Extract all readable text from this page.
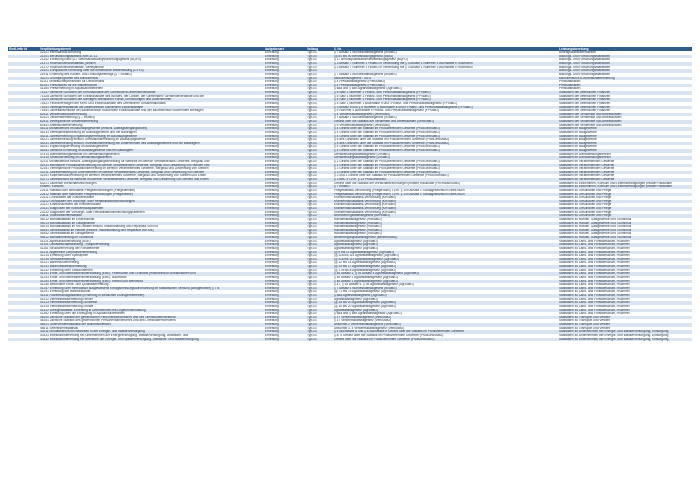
EinfLinNr id	Verpflichtungsbereit	Aufgabenart	Vollzug	§. Nr.	Leistungsbereitung
	32301 International Beratung	Erhebung	Typ1/3	§ 7 Absatz 1 Bundesstatistikgesetz (BStatG)	Auftragsstatistikenfaktiken
	21201 Berufsbildungsstatistik zum 31.12.	Erhebung	Typ1/3	§§ 84 bis 90 Berufsbildungsgesetz (BBiG)	Bildungs- und Forschungsstatistiken
	21202 Erhebung nach §17 Berufsausbildungsförderungsgesetz (BQFG)	Erhebung	Typ1/3	§ 17 Berufsqualifikationsfeststellungsgesetz (BQFG)	Bildungs- und Forschungsstatistiken
	21371 Hochschulfinanzstatistik, jährlich	Erhebung	Typ1/3	§ 3 Absatz 7 Nummer 1 HStatG in Verbindung mit § 3 Absatz 1 Nummer 2 Buchstabe c Hochschul	Bildungs- und Forschungsstatistiken
	21372 Hochschulfinanzstatistik, vierteljährlich	Erhebung	Typ1/3	§ 3 Absatz 7 Nummer 1 HStatG in Verbindung mit § 3 Absatz 1 Nummer 2 Buchstabe c Hochschul	Bildungs- und Forschungsstatistiken
	21521 Europäische Erhebung über die betriebliche Weiterbildung (CVTS)	Erhebung	Typ1/3		Bildungs- und Forschungsstatistiken
	21911 Erhebung des Kosten- und Leistungsbeitrags (§ 7 BStatG)	Erhebung	Typ1/3	§ 7 Absatz 1 Bundesstatistikgesetz (BStatG)	Bildungs- und Forschungsstatistiken
	32221 Grundprogramm des Mikrozensus	Erhebung	Typ1/3	Mikrozensusgesetz - MZG	Mikrozensus/EU-Arbeitskräfteerhebung
	61111 Verbraucherpreisindex für Deutschland	Erhebung	Typ1/3	§ 4 Preisstatistikgesetz (PreisStatG)	Preisstatistiken
	61261 Preisindizes für die Bauwirtschaft	Erhebung	Typ1/3	§ 4 Preisstatistikgesetz (PreisStatG)	Preisstatistiken
	41360 Preiserhebung in Aquakulturbetrieben	Erhebung	Typ1/3	§ 68a und § 68b Agrarstatistikgesetz (AgrStatG)	Preisstatistiken
	71327 Jährliche Schulden der Kernhaushalte der Gemeinden/Gemeindeverbände	Erhebung	Typ1/3	§ 5 Satz 1 Nummer 1 Finanz- und Personalstatistikgesetz (FPStatG)	Statistiken der öffentlichen Finanzen
	71328 Jährliche Schulden der Extrahaushalte des Bundes, der Länder, der Gemeinden/ Gemeindeverbände und der	Erhebung	Typ1/3	§ 5 Satz 1 Nummer 1 Finanz- und Personalstatistikgesetz (FPStatG)	Statistiken der öffentlichen Finanzen
	71329 Jährliche Schulden der sonstigen öffentlichen Fonds, Einrichtungen und Unternehmen	Erhebung	Typ1/3	§ 5 Satz 1 Nummer 1 Finanz- und Personalstatistikgesetz (FPStatG)	Statistiken der öffentlichen Finanzen
	71621 Finanzvermögen der Kern- und Extrahaushalte des Öffentlichen Gesamthaushalts	Erhebung	Typ1/3	§ 5 Satz 1 Nummer 1 Buchstabe h und i Finanz- und Personalstatistikgesetz (FPStatG)	Statistiken der öffentlichen Finanzen
	71631 Vierteljahresstatistik der kaufmännisch buchenden Extrahaushalte	Erhebung	Typ1/3	§ 3 Absatz 8 und § 5 Nummer 4 Buchstabe a und b Finanz- und Personalstatistikgesetz (FPStatG)	Statistiken der öffentlichen Finanzen
	71651 Jahresabschlüsse der kaufmännisch buchenden Extrahaushalte und der kaufmännisch buchenden sonstigen	Erhebung	Typ1/3	§ 5 Nummer 4 Buchstabe c Finanz- und Personalstatistikgesetz (FPStatG)	Statistiken der öffentlichen Finanzen
	62311 Verdienststrukturerhebung	Erhebung	Typ1/3	§ 4 Verdienststatistikgesetz (VerdStatG)	Statistiken der Verdienste und Arbeitskosten
	62321 Verdiensterhebung (§ 7 BStatG)	Erhebung	Typ1/3	§ 7 Absatz 1 Bundesstatistikgesetz (BStatG)	Statistiken der Verdienste und Arbeitskosten
	62411 Vierteljährliche Verdiensterhebung	Erhebung	Typ1/3	Gesetz über die Statistik der Verdienste und Arbeitskosten (VerdStatG)	Statistiken der Verdienste und Arbeitskosten
	62441 Arbeitskostenerhebung	Erhebung	Typ1/3	§ 5 Verdienststatistikgesetz (VerdStatG)	Statistiken der Verdienste und Arbeitskosten
	44111 Monatsbericht im Bauhauptgewerbe (einschl. Auftragseingangsindex)	Erhebung	Typ1/3	§ 4 Gesetz über die Statistik im Produzierenden Gewerbe (ProdGewStatG)	Statistiken im Baugewerbe
	44131 Vierteljahreserhebung im Ausbaugewerbe und bei Bauträgern	Erhebung	Typ1/3	§ 4 Gesetz über die Statistik im Produzierenden Gewerbe (ProdGewStatG)	Statistiken im Baugewerbe
	44211 Jahreserhebung (Ergänzungserhebung) im Bauhauptgewerbe	Erhebung	Typ1/3	§ 4 Gesetz über die Statistik im Produzierenden Gewerbe (ProdGewStatG)	Statistiken im Baugewerbe
	44221 Jahreserhebung einschl. Investitionserhebung im Bauhauptgewerbe	Erhebung	Typ1/3	§ 5 des Gesetzes über die Statistik im Produzierenden Gewerbe (ProdGewStatG)	Statistiken im Baugewerbe
	44231 Jahreserhebung einschl. Investitionserhebung bei Unternehmen des Ausbaugewerbes und bei Bauträgern	Erhebung	Typ1/3	§ 5 des Gesetzes über die Statistik im Produzierenden Gewerbe (ProdGewStatG)	Statistiken im Baugewerbe
	44241 Ergänzungserhebung im Ausbaugewerbe	Erhebung	Typ1/3	§ 4 Gesetz über die Statistik im Produzierenden Gewerbe (ProdGewStatG)	Statistiken im Baugewerbe
	44251 Jährliche Erhebung im Ausbaugewerbe und bei Bauträgern	Erhebung	Typ1/3	§ 4 Gesetz über die Statistik im Produzierenden Gewerbe (ProdGewStatG)	Statistiken im Baugewerbe
	47414 Dienstleistungsinstitute im Dienstleistungsbereich	Erhebung	Typ1/3	Dienstleistungsstatistikgesetz (DlStatG)	Statistiken im Dienstleistungsbereich
	47415 Strukturerhebung im Dienstleistungsbereich	Erhebung	Typ1/3	Dienstleistungsstatistikgesetz (DlStatG)	Statistiken im Dienstleistungsbereich
	42111 Monatsbericht einschl. Auftragseingangserhebung für Betriebe im Bereich Verarbeitendes Gewerbe, Bergbau und	Erhebung	Typ1/3	§ 2 Gesetz über die Statistik im Produzierenden Gewerbe (ProdGewStatG)	Statistiken im Verarbeitenden Gewerbe
	42131 Monatliche Produktionserhebung im Bereich Verarbeitendes Gewerbe, Bergbau und Gewinnung von Steinen und	Erhebung	Typ1/3	§ 2 Gesetz über die Statistik im Produzierenden Gewerbe (ProdGewStatG)	Statistiken im Verarbeitenden Gewerbe
	42151 Vierteljährliche Produktionserhebung im Bereich Verarbeitendes Gewerbe, Bergbau und Gewinnung von Steinen	Erhebung	Typ1/3	§ 2 Gesetz über die Statistik im Produzierenden Gewerbe (ProdGewStatG)	Statistiken im Verarbeitenden Gewerbe
	42211 Jahreserhebung für Unternehmen im Bereich Verarbeitendes Gewerbe, Bergbau und Gewinnung von Steinen	Erhebung	Typ1/3	§ 3 Gesetz über die Statistik im Produzierenden Gewerbe (ProdGewStatG)	Statistiken im Verarbeitenden Gewerbe
	42251 Kostenstrukturerhebung im Bereich Verarbeitendes Gewerbe, Bergbau und Gewinnung von Steinen und Erden	Erhebung	Typ1/3	§ 2 und 3 Gesetz über die Statistik im Produzierenden Gewerbe (ProdGewStatG)	Statistiken im Verarbeitenden Gewerbe
	42271 Jahresbericht für Betriebe im Bereich Verarbeitendes Gewerbe, Bergbau und Gewinnung von Steinen und Erden	Erhebung	Typ1/3	§ 3 Abs. 4 i.V.m. § 13 ProdGewStatG	Statistiken im Verarbeitenden Gewerbe
	63221 Laufende Wirtschaftsrechnungen	Erhebung	Typ1/3	Gesetz über die Statistik der Wirtschaftsrechnungen privater Haushalte (PrivHaushStatG)	Statistiken zu Einkommen, Konsum und Lebensbedingungen privater Haushalte
	Kosten, Konsum	Erhebung	Typ1/3	§ 7 BStatG	Statistiken zu Einkommen, Konsum und Lebensbedingungen privater Haushalte
	22411 Statistik über ambulante Pflegeeinrichtungen (Pflegedienste)	Erhebung	Typ1/3	Pflegestatistik-Verordnung (PflegeStatV) i.V.m. § 109 Absatz 1 Sozialgesetzbuch Elftes Buch	Statistiken zu Gesundheit und Pflege
	22412 Statistik über stationäre Pflegeeinrichtungen (Pflegeheime)	Erhebung	Typ1/3	Pflegestatistik-Verordnung (PflegeStatV) i.V.m. § 109 Absatz 1 Sozialgesetzbuch Elftes Buch	Statistiken zu Gesundheit und Pflege
	23111 Grunddaten der Krankenhäuser	Erhebung	Typ1/3	Krankenhausstatistik-Verordnung (KHStatV)	Statistiken zu Gesundheit und Pflege
	23112 Grunddaten der Vorsorge- oder Rehabilitationseinrichtungen	Erhebung	Typ1/3	Krankenhausstatistik-Verordnung (KHStatV)	Statistiken zu Gesundheit und Pflege
	23121 Kostennachweis der Krankenhäuser	Erhebung	Typ1/3	Krankenhausstatistik-Verordnung (KHStatV)	Statistiken zu Gesundheit und Pflege
	23131 Diagnosen der Krankenhauspatienten	Erhebung	Typ1/3	Krankenhausstatistik-Verordnung (KHStatV)	Statistiken zu Gesundheit und Pflege
	23132 Diagnosen der Vorsorge- oder Rehabilitationseinrichtungspatienten	Erhebung	Typ1/3	Krankenhausstatistik-Verordnung (KHStatV)	Statistiken zu Gesundheit und Pflege
	23611 Todesursachenstatistik	Erhebung	Typ1/3	Bevölkerungsstatistikgesetz (BevStatG)	Statistiken zu Gesundheit und Pflege
	45212 Monatsstatistik im Einzelhandel	Erhebung	Typ1/3	Handelsstatistikgesetz (HdlStatG)	Statistiken zu Handel, Gastgewerbe und Tourismus
	45213 Monatsstatistik im Gastgewerbe	Erhebung	Typ1/3	Handelsstatistikgesetz (HdlStatG)	Statistiken zu Handel, Gastgewerbe und Tourismus
	45214 Monatsstatistik im Kfz-Handel einschl. Instandhaltung und Reparatur von Kfz	Erhebung	Typ1/3	Handelsstatistikgesetz (HdlStatG)	Statistiken zu Handel, Gastgewerbe und Tourismus
	45341 Jahresstatistik im Handel (einschl. Instandhaltung und Reparatur von Kfz)	Erhebung	Typ1/3	Handelsstatistikgesetz (HdlStatG)	Statistiken zu Handel, Gastgewerbe und Tourismus
	45342 Jahresstatistik im Gastgewerbe	Erhebung	Typ1/3	Handelsstatistikgesetz (HdlStatG)	Statistiken zu Handel, Gastgewerbe und Tourismus
	45412 Monatserhebung im Tourismus	Erhebung	Typ1/3	Beherbergungsstatistikgesetz (BeherbStatG)	Statistiken zu Handel, Gastgewerbe und Tourismus
	41121 Agrarstrukturerhebung (ASE)	Erhebung	Typ1/3	Agrarstatistikgesetz (AgrStatG)	Statistiken zu Land- und Forstwirtschaft, Fischerei
	41141 Landwirtschaftszählung - Hauptzerhebung	Erhebung	Typ1/3	Agrarstatistikgesetz (AgrStatG)	Statistiken zu Land- und Forstwirtschaft, Fischerei
	41161 Strukturerhebung der Forstbetriebe	Erhebung	Typ1/3	Agrarstatistikgesetz (AgrStatG)	Statistiken zu Land- und Forstwirtschaft, Fischerei
	41211 Allgemeine Zierpflanzenerhebung	Erhebung	Typ1/3	§§ 9 bis 11 Agrarstatistikgesetz (AgrStatG)	Statistiken zu Land- und Forstwirtschaft, Fischerei
	41214 Erhebung über Speisepilze	Erhebung	Typ1/3	§§ 11a bis 11c Agrarstatistikgesetz (AgrStatG)	Statistiken zu Land- und Forstwirtschaft, Fischerei
	41215 Gemüseerhebung	Erhebung	Typ1/3	§§ 11a bis 11c Agrarstatistikgesetz (AgrStatG)	Statistiken zu Land- und Forstwirtschaft, Fischerei
	41221 Baumschulerhebung	Erhebung	Typ1/3	§§ 12 bis 14 Agrarstatistikgesetz (AgrStatG)	Statistiken zu Land- und Forstwirtschaft, Fischerei
	41231 Baumobstanbauerhebung	Erhebung	Typ1/3	§§ 15 bis 17 Agrarstatistikgesetz (AgrStatG)	Statistiken zu Land- und Forstwirtschaft, Fischerei
	41232 Erhebung über Strauchbeeren	Erhebung	Typ1/3	§§ 17a bis a Agrarstatistikgesetz (AgrStatG)	Statistiken zu Land- und Forstwirtschaft, Fischerei
	41241 Ernte- und Betriebsberichterstattung (EBE): Feldfrüchte und Grünland (einschließlich Anbauflächen und	Erhebung	Typ1/3	§ 46 Absatz 1, § 93 Absatz 4 Agrarstatistikgesetz (AgrStatG)	Statistiken zu Land- und Forstwirtschaft, Fischerei
	41243 Ernte- und Betriebsberichterstattung (EBE): Baumobst	Erhebung	Typ1/3	§ 46 Absatz 1 Agrarstatistikgesetz (AgrStatG)	Statistiken zu Land- und Forstwirtschaft, Fischerei
	41244 Ernte- und Betriebsberichterstattung (EBE): Reben und Weinmost	Erhebung	Typ1/3	§ 46 Absatz 1 Agrarstatistikgesetz (AgrStatG)	Statistiken zu Land- und Forstwirtschaft, Fischerei
	41246 Besondere Ernte- und Qualitätsermittlung	Erhebung	Typ1/3	§ 47, § 93 Absatz 5, § 95 Agrarstatistikgesetz (AgrStatG)	Statistiken zu Land- und Forstwirtschaft, Fischerei
	41247 Erhebung über methodisch ausgewiesene Ertragsmessungsdurchführung im Statistischen Verbund (landgerichtet) § 7 B	Erhebung	Typ1/3	§ 7 Absatz 1 Bundesstatistikgesetz (BStatG)	Statistiken zu Land- und Forstwirtschaft, Fischerei
	41291 Erhebung der Weinbestände	Erhebung	Typ1/3	§§ 71 bis 73 Agrarstatistikgesetz (AgrStatG)	Statistiken zu Land- und Forstwirtschaft, Fischerei
	41311 Holzeinschlagsstatistik (Erhebung in forstlichen Erzeugerbetrieben)	Erhebung	Typ1/3	§ 68a Agrarstatistikgesetz (AgrStatG)	Statistiken zu Land- und Forstwirtschaft, Fischerei
	41312 Viehbestandserhebung Rinder	Erhebung	Typ1/3	Agrarstatistikgesetz (AgrStatG)	Statistiken zu Land- und Forstwirtschaft, Fischerei
	41313 Viehbestandserhebung Schweine	Erhebung	Typ1/3	§§ 18 bis 20 Agrarstatistikgesetz (AgrStatG)	Statistiken zu Land- und Forstwirtschaft, Fischerei
	41314 Viehbestandserhebung Schafe	Erhebung	Typ1/3	§§ 18 bis 20 Agrarstatistikgesetz (AgrStatG)	Statistiken zu Land- und Forstwirtschaft, Fischerei
	41322 Geflügelstatistik: Erhebung in Unternehmen mit Legehennenhaltung	Erhebung	Typ1/3	Agrarstatistikgesetz (AgrStatG)	Statistiken zu Land- und Forstwirtschaft, Fischerei
	41362 Erhebung über die Erzeugung in Aquakulturbetrieben	Erhebung	Typ1/3	§ 68a und § 68b Agrarstatistikgesetz (AgrStatG)	Statistiken zu Land- und Forstwirtschaft, Fischerei
	46100 Jährliche Statistik der gewerblichen Personenfahrverkehrs und des Omnibusfernverkehrs	Erhebung	Typ1/3	§ 17 Verkehrsstatistikgesetz (VerkStatG)	Statistiken zu Transport und Verkehr
	46181 Jährliche Statistik des gewerblichen Personennahverkehrs und des Omnibusfernverkehrs	Erhebung	Typ1/3	§ 17 Verkehrsstatistikgesetz (VerkStatG)	Statistiken zu Transport und Verkehr
	46321 Güterverkehrsstatistik der Binnenschifffahrt	Erhebung	Typ1/3	Abschnitt 2 Verkehrsstatistikgesetz (VerkStatG)	Statistiken zu Transport und Verkehr
	46411 Seeverkehrsstatistik	Erhebung	Typ1/3	Abschnitt 3, 4 Verkehrsstatistikgesetz (VerkStatG)	Statistiken zu Transport und Verkehr
	43311 Monatsbericht bei Betrieben in der Energie- und Wasserversorgung	Erhebung	Typ1/3	§ 4 Buchstabe a und § 6 Buchstabe b Gesetz über die Statistik im Produzierenden Gewerbe	Statistiken zu Unternehmen der Energie- und Wasserversorgung, Entsorgung
	43331 Investitionserhebung bei Unternehmen der Energieerzeugung, Wasserversorgung, Abwasser- und	Erhebung	Typ1/3	§ 8, 9 Gesetz über die Statistik im Produzierenden Gewerbe (ProdGewStatG)	Statistiken zu Unternehmen der Energie- und Wasserversorgung, Entsorgung
	43332 Investitionserhebung bei Betrieben der Energie- und Wasserversorgung, Abwasser- und Abfallentsorgung,	Erhebung	Typ1/3	Gesetz über die Statistik im Produzierenden Gewerbe (ProdGewStatG)	Statistiken zu Unternehmen der Energie- und Wasserversorgung, Entsorgung
